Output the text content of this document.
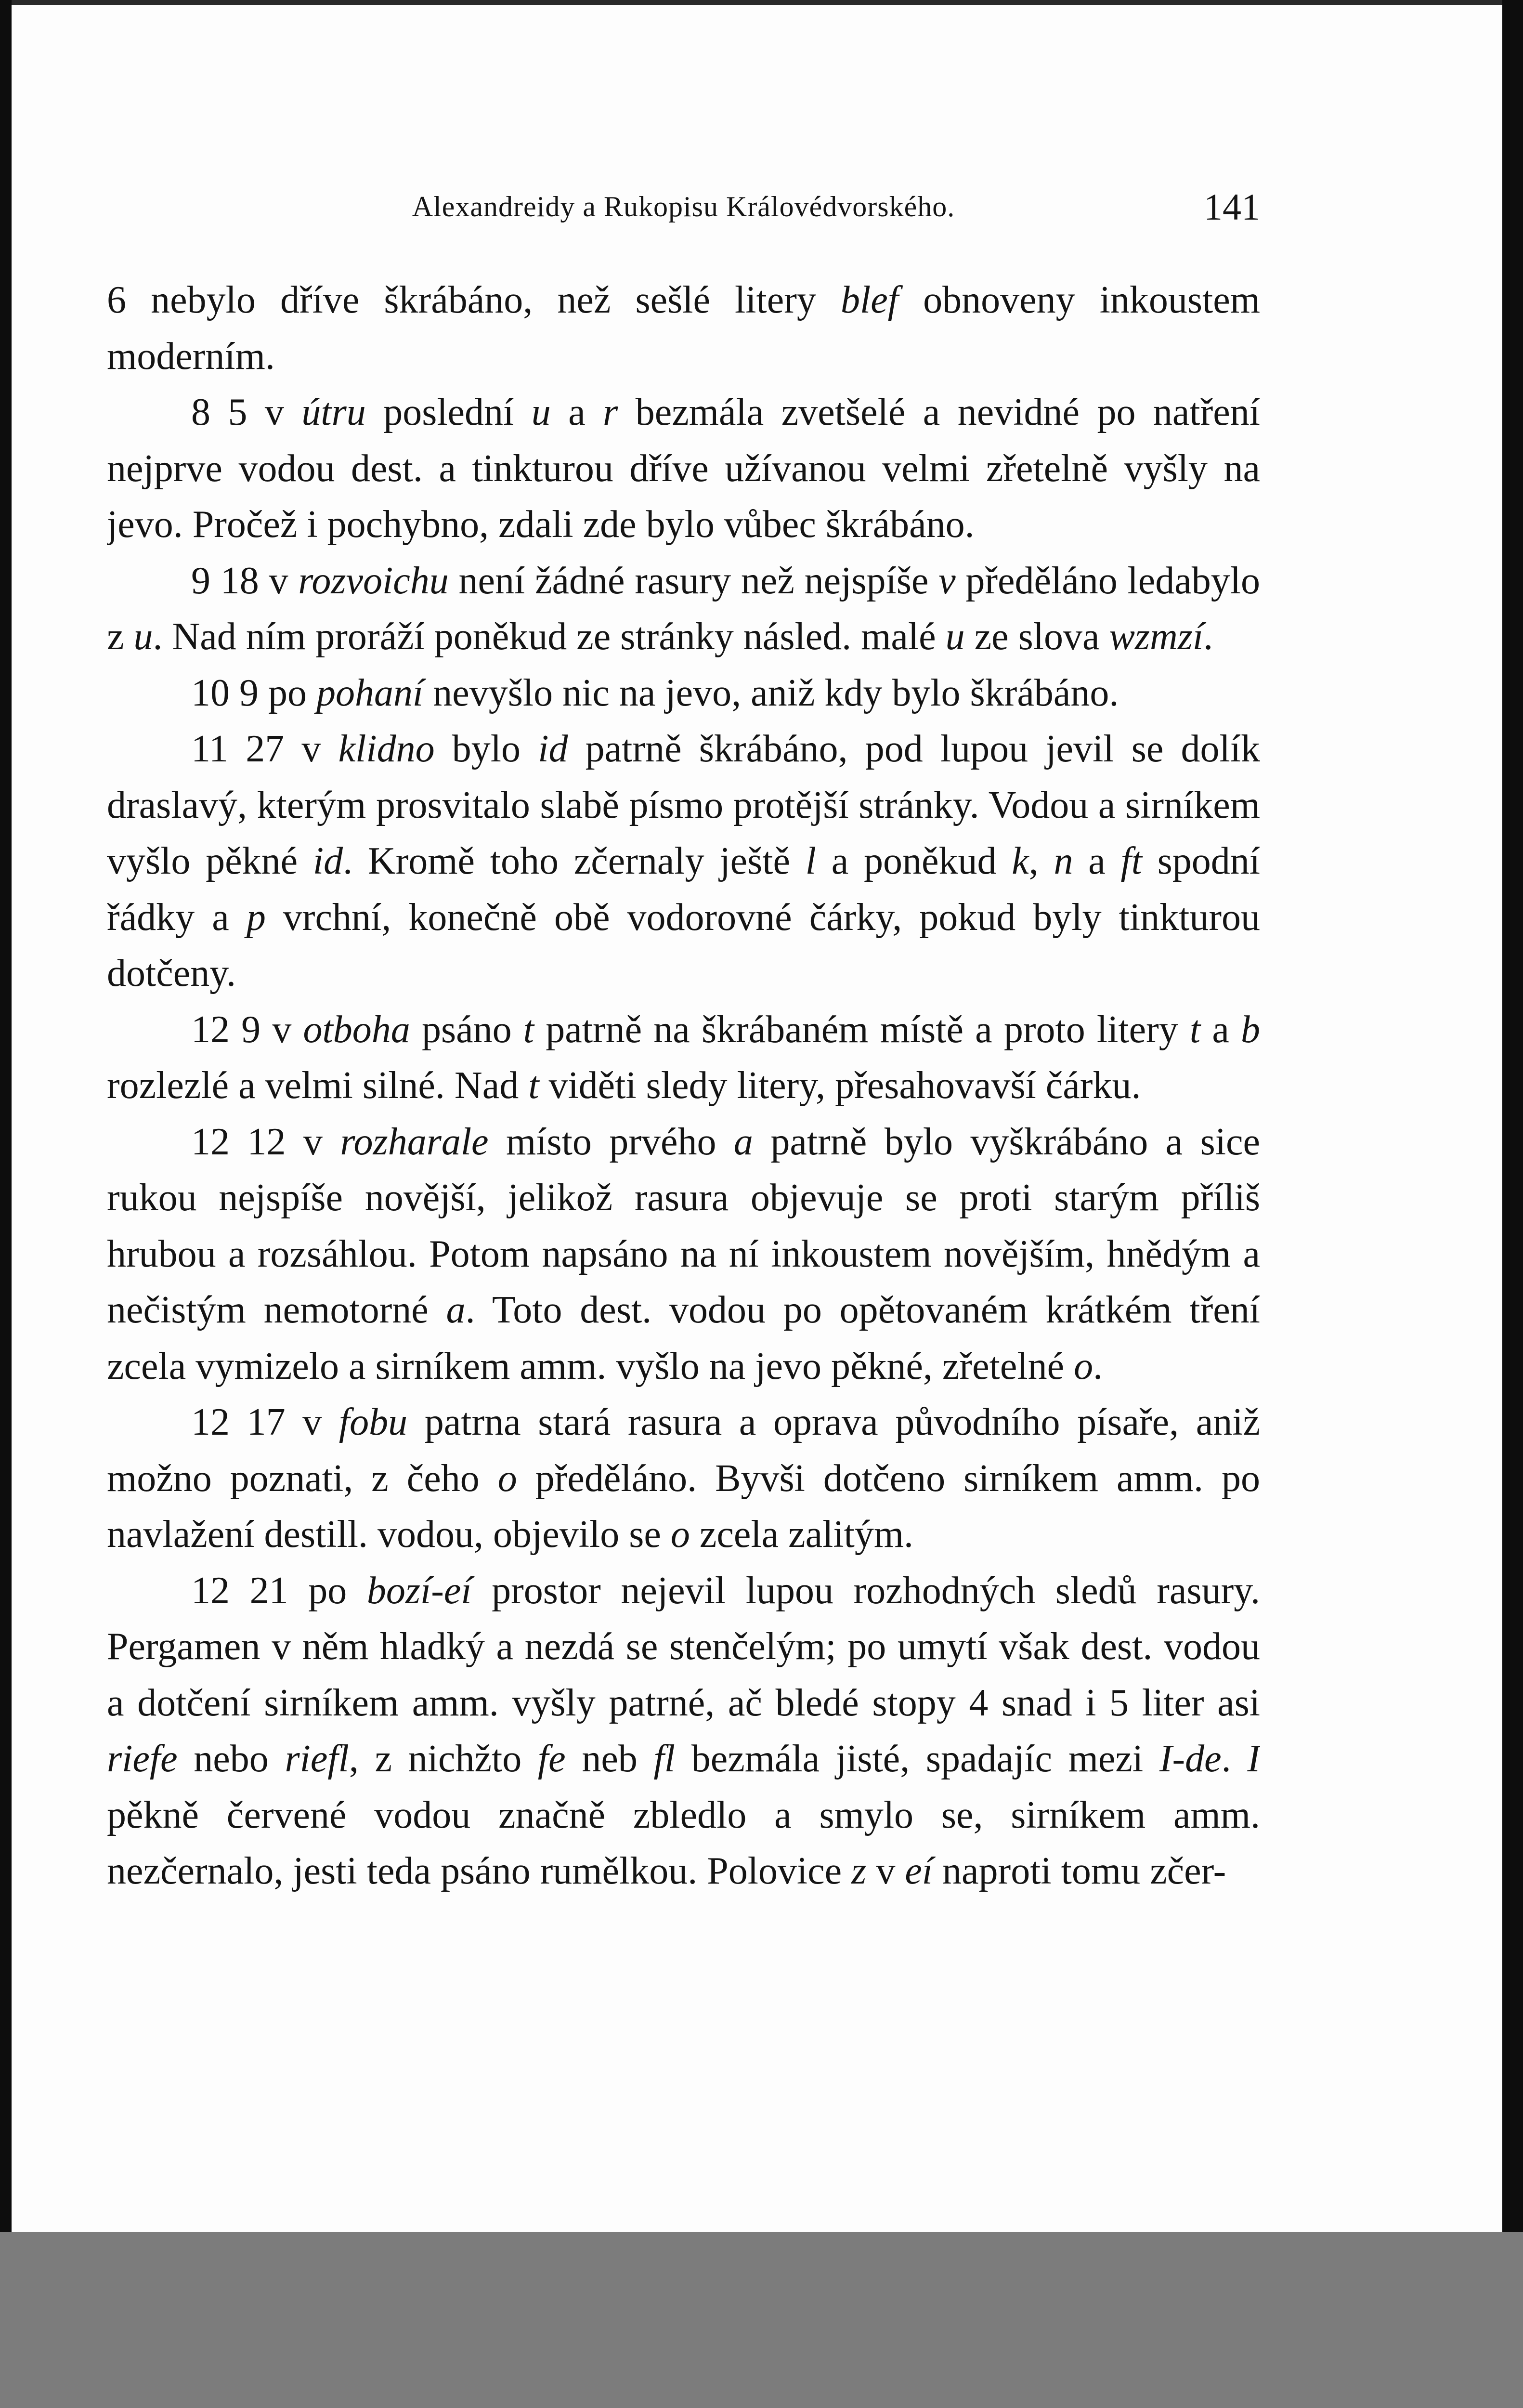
Alexandreidy a Rukopisu Královédvorského.	141

6 nebylo dříve škrábáno, než sešlé litery blef obnoveny inkoustem moderním.

8 5 v útru poslední u a r bezmála zvetšelé a nevidné po natření nejprve vodou dest. a tinkturou dříve užívanou velmi zřetelně vyšly na jevo. Pročež i pochybno, zdali zde bylo vůbec škrábáno.

9 18 v rozvoichu není žádné rasury než nejspíše v předěláno ledabylo z u. Nad ním proráží poněkud ze stránky násled. malé u ze slova wzmzí.

10 9 po pohaní nevyšlo nic na jevo, aniž kdy bylo škrábáno.

11 27 v klidno bylo id patrně škrábáno, pod lupou jevil se dolík draslavý, kterým prosvitalo slabě písmo protější stránky. Vodou a sirníkem vyšlo pěkné id. Kromě toho zčernaly ještě l a poněkud k, n a ft spodní řádky a p vrchní, konečně obě vodorovné čárky, pokud byly tinkturou dotčeny.

12 9 v otboha psáno t patrně na škrábaném místě a proto litery t a b rozlezlé a velmi silné. Nad t viděti sledy litery, přesahovavší čárku.

12 12 v rozharale místo prvého a patrně bylo vyškrábáno a sice rukou nejspíše novější, jelikož rasura objevuje se proti starým příliš hrubou a rozsáhlou. Potom napsáno na ní inkoustem novějším, hnědým a nečistým nemotorné a. Toto dest. vodou po opětovaném krátkém tření zcela vymizelo a sirníkem amm. vyšlo na jevo pěkné, zřetelné o.

12 17 v fobu patrna stará rasura a oprava původního písaře, aniž možno poznati, z čeho o předěláno. Byvši dotčeno sirníkem amm. po navlažení destill. vodou, objevilo se o zcela zalitým.

12 21 po bozí-eí prostor nejevil lupou rozhodných sledů rasury. Pergamen v něm hladký a nezdá se stenčelým; po umytí však dest. vodou a dotčení sirníkem amm. vyšly patrné, ač bledé stopy 4 snad i 5 liter asi riefe nebo riefl, z nichžto fe neb fl bezmála jisté, spadajíc mezi I-de. I pěkně červené vodou značně zbledlo a smylo se, sirníkem amm. nezčernalo, jesti teda psáno rumělkou. Polovice z v eí naproti tomu zčer-
